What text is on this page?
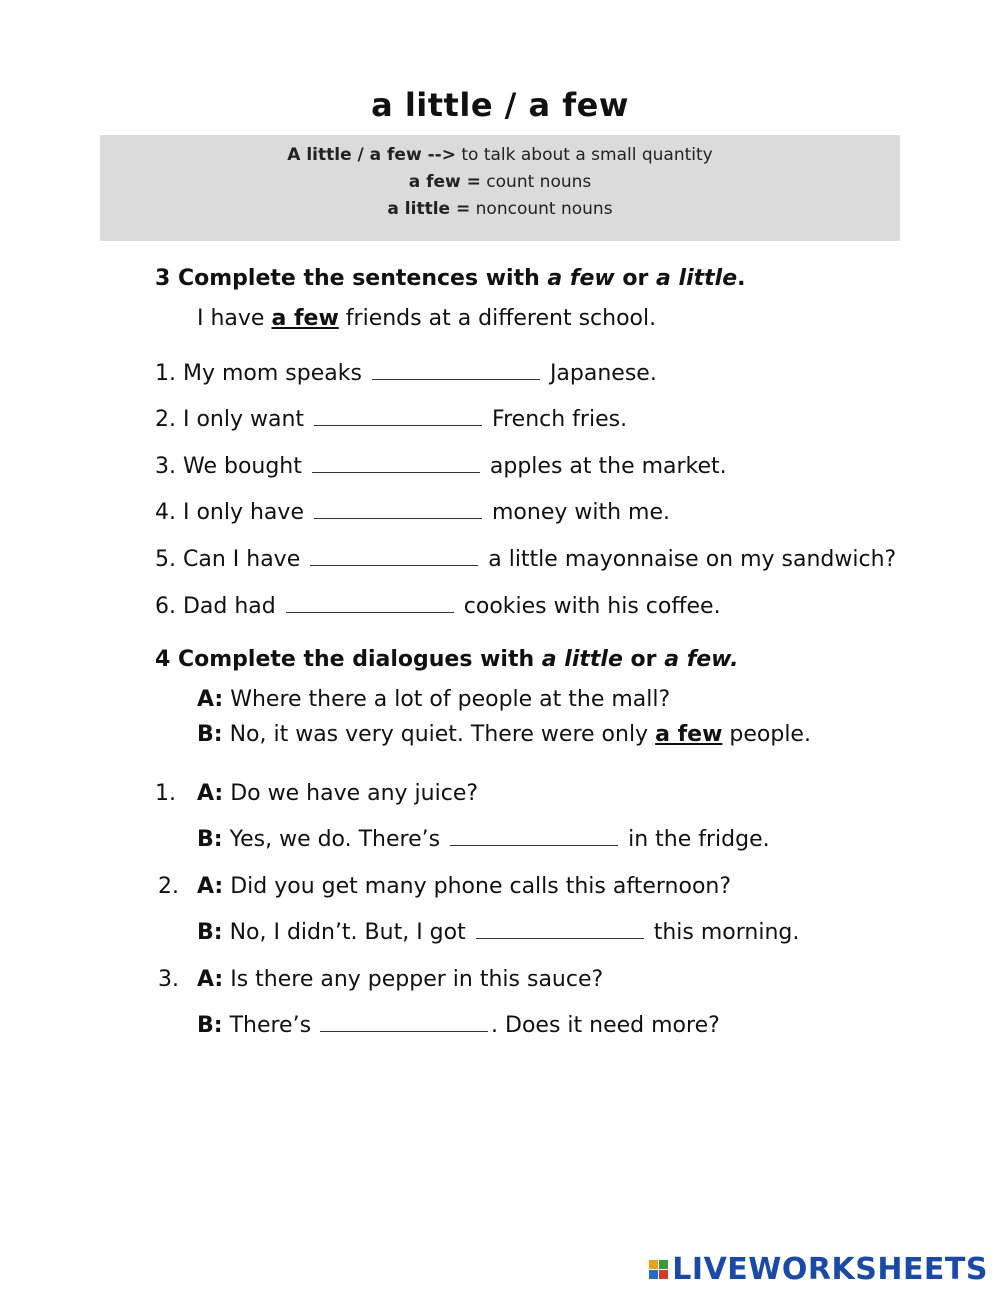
a little / a few
A little / a few --> to talk about a small quantity
a few = count nouns
a little = noncount nouns
3 Complete the sentences with a few or a little.
I have a few friends at a different school.
1. My mom speaks	Japanese.
2. I only want	French fries.
3. We bought	apples at the market.
4. I only have	money with me.
5. Can I have	a little mayonnaise on my sandwich?
6. Dad had	cookies with his coffee.
4 Complete the dialogues with a little or a few.
A: Where there a lot of people at the mall?
B: No, it was very quiet. There were only a few people.
1. A: Do we have any juice?
B: Yes, we do. There’s	in the fridge.
2. A: Did you get many phone calls this afternoon?
B: No, I didn’t. But, I got	this morning.
3. A: Is there any pepper in this sauce?
B: There’s	. Does it need more?
LIVEWORKSHEETS
